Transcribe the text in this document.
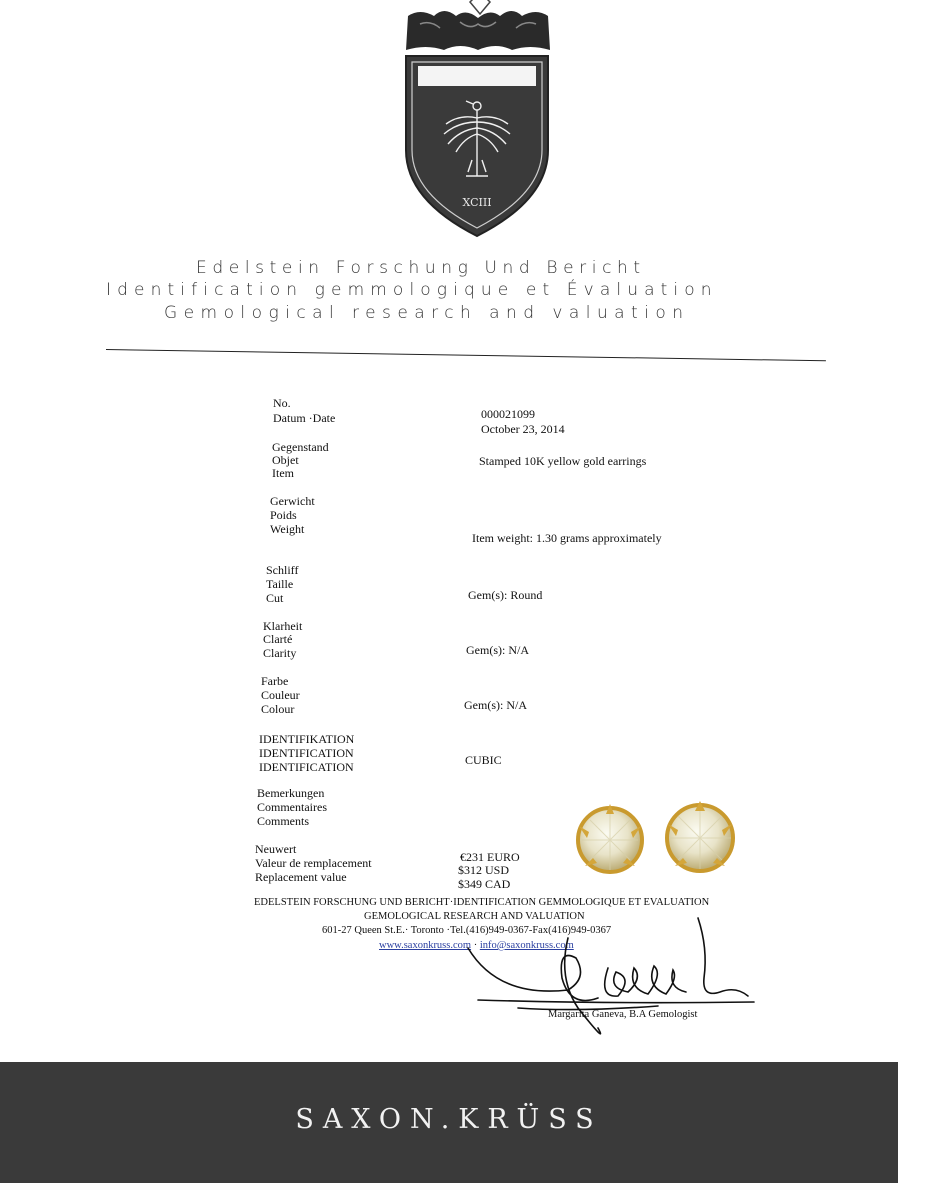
XCIII
Edelstein Forschung Und Bericht
Identification gemmologique et Évaluation
Gemological research and valuation
No.
Datum ·Date
Gegenstand
Objet
Item
Gerwicht
Poids
Weight
Schliff
Taille
Cut
Klarheit
Clarté
Clarity
Farbe
Couleur
Colour
IDENTIFIKATION
IDENTIFICATION
IDENTIFICATION
Bemerkungen
Commentaires
Comments
Neuwert
Valeur de remplacement
Replacement value
000021099
October 23, 2014
Stamped 10K yellow gold earrings
Item weight: 1.30 grams approximately
Gem(s): Round
Gem(s): N/A
Gem(s): N/A
CUBIC
€231 EURO
$312 USD
$349 CAD
EDELSTEIN FORSCHUNG UND BERICHT·IDENTIFICATION GEMMOLOGIQUE ET EVALUATION
GEMOLOGICAL RESEARCH AND VALUATION
601-27 Queen St.E.· Toronto ·Tel.(416)949-0367-Fax(416)949-0367
www.saxonkruss.com · info@saxonkruss.com
Margarita Ganeva, B.A Gemologist
SAXON.KRÜSS
